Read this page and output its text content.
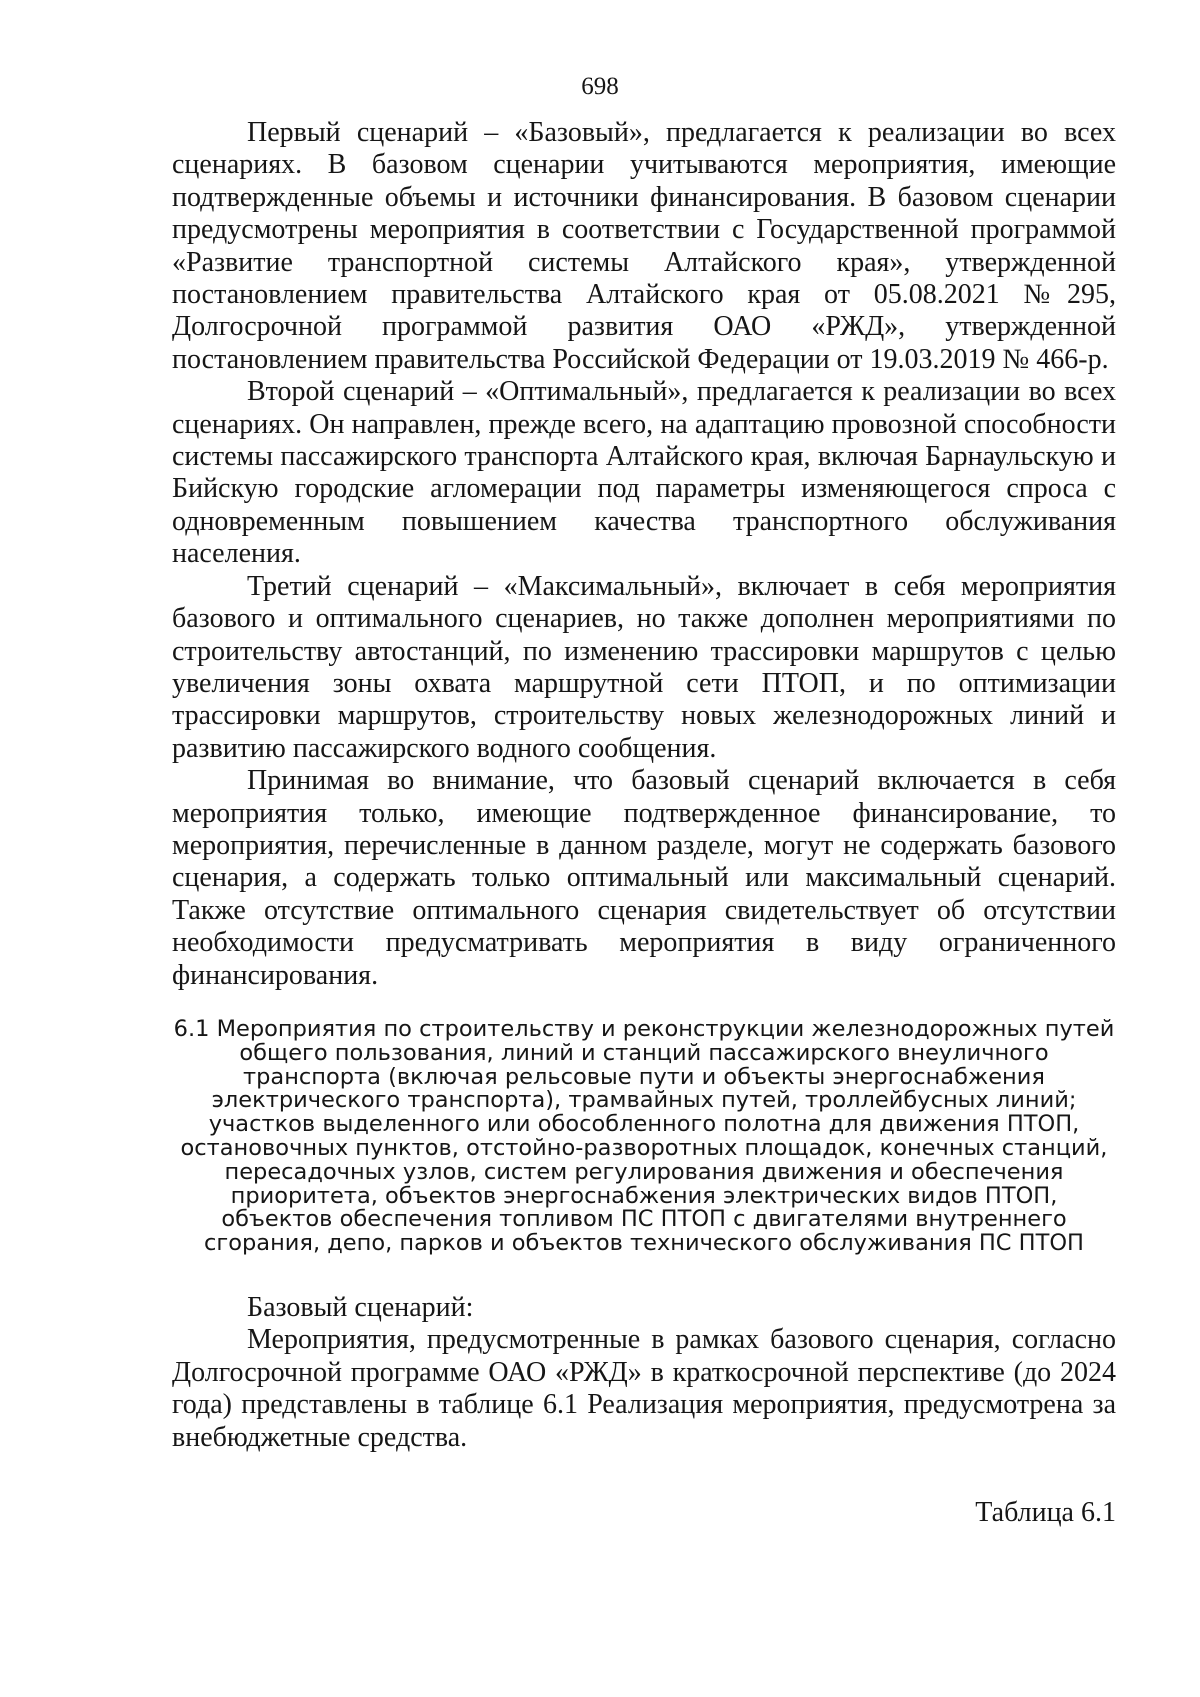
698

Первый сценарий – «Базовый», предлагается к реализации во всех сценариях. В базовом сценарии учитываются мероприятия, имеющие подтвержденные объемы и источники финансирования. В базовом сценарии предусмотрены мероприятия в соответствии с Государственной программой «Развитие транспортной системы Алтайского края», утвержденной постановлением правительства Алтайского края от 05.08.2021 №295, Долгосрочной программой развития ОАО «РЖД», утвержденной постановлением правительства Российской Федерации от 19.03.2019 № 466-р.

Второй сценарий – «Оптимальный», предлагается к реализации во всех сценариях. Он направлен, прежде всего, на адаптацию провозной способности системы пассажирского транспорта Алтайского края, включая Барнаульскую и Бийскую городские агломерации под параметры изменяющегося спроса с одновременным повышением качества транспортного обслуживания населения.

Третий сценарий – «Максимальный», включает в себя мероприятия базового и оптимального сценариев, но также дополнен мероприятиями по строительству автостанций, по изменению трассировки маршрутов с целью увеличения зоны охвата маршрутной сети ПТОП, и по оптимизации трассировки маршрутов, строительству новых железнодорожных линий и развитию пассажирского водного сообщения.

Принимая во внимание, что базовый сценарий включается в себя мероприятия только, имеющие подтвержденное финансирование, то мероприятия, перечисленные в данном разделе, могут не содержать базового сценария, а содержать только оптимальный или максимальный сценарий. Также отсутствие оптимального сценария свидетельствует об отсутствии необходимости предусматривать мероприятия в виду ограниченного финансирования.

6.1 Мероприятия по строительству и реконструкции железнодорожных путей общего пользования, линий и станций пассажирского внеуличного транспорта (включая рельсовые пути и объекты энергоснабжения электрического транспорта), трамвайных путей, троллейбусных линий; участков выделенного или обособленного полотна для движения ПТОП, остановочных пунктов, отстойно-разворотных площадок, конечных станций, пересадочных узлов, систем регулирования движения и обеспечения приоритета, объектов энергоснабжения электрических видов ПТОП, объектов обеспечения топливом ПС ПТОП с двигателями внутреннего сгорания, депо, парков и объектов технического обслуживания ПС ПТОП

Базовый сценарий:

Мероприятия, предусмотренные в рамках базового сценария, согласно Долгосрочной программе ОАО «РЖД» в краткосрочной перспективе (до 2024 года) представлены в таблице 6.1 Реализация мероприятия, предусмотрена за внебюджетные средства.

Таблица 6.1
